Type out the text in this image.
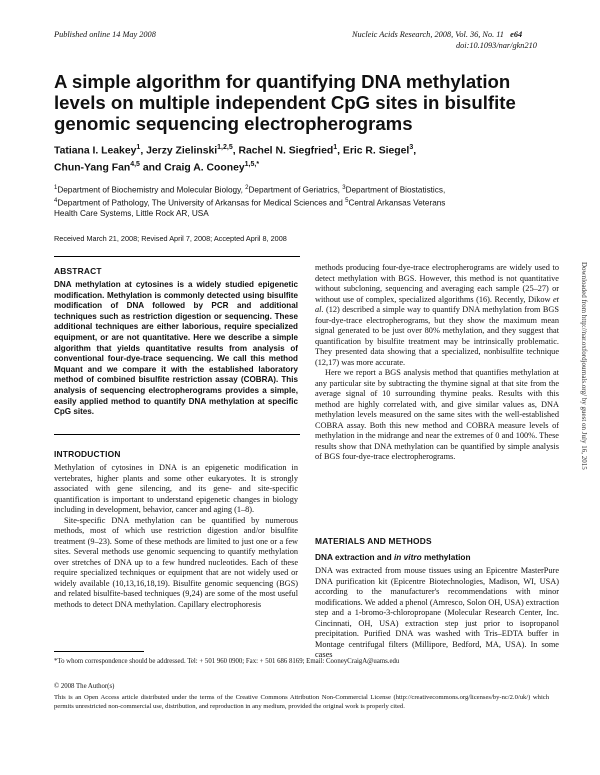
Published online 14 May 2008	Nucleic Acids Research, 2008, Vol. 36, No. 11 e64
doi:10.1093/nar/gkn210
A simple algorithm for quantifying DNA methylation levels on multiple independent CpG sites in bisulfite genomic sequencing electropherograms
Tatiana I. Leakey$^1$, Jerzy Zielinski$^{1,2,5}$, Rachel N. Siegfried$^1$, Eric R. Siegel$^3$,
Chun-Yang Fan$^{4,5}$ and Craig A. Cooney$^{1,5,*}$
$^1$Department of Biochemistry and Molecular Biology, $^2$Department of Geriatrics, $^3$Department of Biostatistics,
$^4$Department of Pathology, The University of Arkansas for Medical Sciences and $^5$Central Arkansas Veterans
Health Care Systems, Little Rock AR, USA
Received March 21, 2008; Revised April 7, 2008; Accepted April 8, 2008
ABSTRACT
DNA methylation at cytosines is a widely studied epigenetic modification. Methylation is commonly detected using bisulfite modification of DNA followed by PCR and additional techniques such as restriction digestion or sequencing. These additional techniques are either laborious, require specialized equipment, or are not quantitative. Here we describe a simple algorithm that yields quantitative results from analysis of conventional four-dye-trace sequencing. We call this method Mquant and we compare it with the established laboratory method of combined bisulfite restriction assay (COBRA). This analysis of sequencing electropherograms provides a simple, easily applied method to quantify DNA methylation at specific CpG sites.
INTRODUCTION

Methylation of cytosines in DNA is an epigenetic modification in vertebrates, higher plants and some other eukaryotes. It is strongly associated with gene silencing, and its gene- and site-specific quantification is important to understand epigenetic changes in biology including in development, behavior, cancer and aging (1–8).

Site-specific DNA methylation can be quantified by numerous methods, most of which use restriction digestion and/or bisulfite treatment (9–23). Some of these methods are limited to just one or a few sites. Several methods use genomic sequencing to quantify methylation over stretches of DNA up to a few hundred nucleotides. Each of these require specialized techniques or equipment that are not widely used or widely available (10,13,16,18,19). Bisulfite genomic sequencing (BGS) and related bisulfite-based techniques (9,24) are some of the most useful methods to detect DNA methylation. Capillary electrophoresis

methods producing four-dye-trace electropherograms are widely used to detect methylation with BGS. However, this method is not quantitative without subcloning, sequencing and averaging each sample (25–27) or without use of complex, specialized algorithms (16). Recently, Dikow et al. (12) described a simple way to quantify DNA methylation from BGS four-dye-trace electropherograms, but they show the maximum mean signal generated to be just over 80% methylation, and they suggest that quantification by bisulfite treatment may be intrinsically problematic. They presented data showing that a specialized, nonbisulfite technique (12,17) was more accurate.

Here we report a BGS analysis method that quantifies methylation at any particular site by subtracting the thymine signal at that site from the average signal of 10 surrounding thymine peaks. Results with this method are highly correlated with, and give similar values as, DNA methylation levels measured on the same sites with the well-established COBRA assay. Both this new method and COBRA measure levels of methylation in the midrange and near the extremes of 0 and 100%. These results show that DNA methylation can be quantified by simple analysis of BGS four-dye-trace electropherograms.

MATERIALS AND METHODS
DNA extraction and in vitro methylation
DNA was extracted from mouse tissues using an Epicentre MasterPure DNA purification kit (Epicentre Biotechnologies, Madison, WI, USA) according to the manufacturer's recommendations with minor modifications. We added a phenol (Amresco, Solon OH, USA) extraction step and a 1-bromo-3-chloropropane (Molecular Research Center, Inc. Cincinnati, OH, USA) extraction step just prior to isopropanol precipitation. Purified DNA was washed with Tris–EDTA buffer in Montage centrifugal filters (Millipore, Bedford, MA, USA). In some cases
*To whom correspondence should be addressed. Tel: + 501 960 0900; Fax: + 501 686 8169; Email: CooneyCraigA@uams.edu
© 2008 The Author(s)
This is an Open Access article distributed under the terms of the Creative Commons Attribution Non-Commercial License (http://creativecommons.org/licenses/by-nc/2.0/uk/) which permits unrestricted non-commercial use, distribution, and reproduction in any medium, provided the original work is properly cited.
Downloaded from http://nar.oxfordjournals.org/ by guest on July 16, 2015
